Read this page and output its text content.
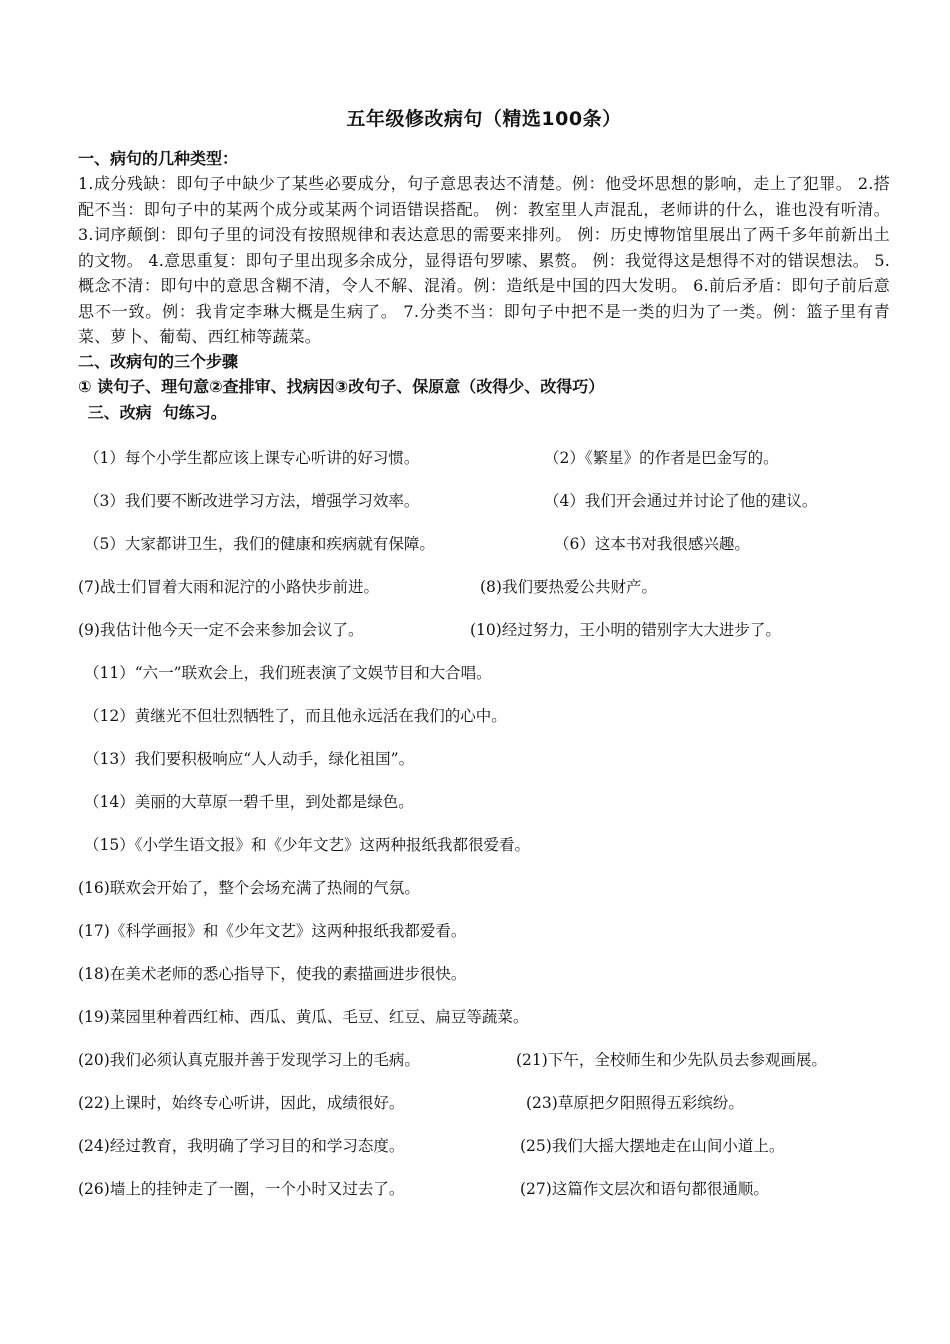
五年级修改病句（精选100条）

一、病句的几种类型：

1.成分残缺：即句子中缺少了某些必要成分，句子意思表达不清楚。例：他受坏思想的影响，走上了犯罪。 2.搭配不当：即句子中的某两个成分或某两个词语错误搭配。 例：教室里人声混乱，老师讲的什么，谁也没有听清。 3.词序颠倒：即句子里的词没有按照规律和表达意思的需要来排列。 例：历史博物馆里展出了两千多年前新出土的文物。 4.意思重复：即句子里出现多余成分，显得语句罗嗦、累赘。 例：我觉得这是想得不对的错误想法。 5.概念不清：即句中的意思含糊不清，令人不解、混淆。例：造纸是中国的四大发明。 6.前后矛盾：即句子前后意思不一致。例：我肯定李琳大概是生病了。 7.分类不当：即句子中把不是一类的归为了一类。例：篮子里有青菜、萝卜、葡萄、西红柿等蔬菜。

二、改病句的三个步骤

① 读句子、理句意②查排审、找病因③改句子、保原意（改得少、改得巧）

三、改病  句练习。

（1）每个小学生都应该上课专心听讲的好习惯。	（2）《繁星》的作者是巴金写的。
（3）我们要不断改进学习方法，增强学习效率。	（4）我们开会通过并讨论了他的建议。
（5）大家都讲卫生，我们的健康和疾病就有保障。	（6）这本书对我很感兴趣。
(7)战士们冒着大雨和泥泞的小路快步前进。	(8)我们要热爱公共财产。
(9)我估计他今天一定不会来参加会议了。	(10)经过努力，王小明的错别字大大进步了。
（11）“六一”联欢会上，我们班表演了文娱节目和大合唱。
（12）黄继光不但壮烈牺牲了，而且他永远活在我们的心中。
（13）我们要积极响应“人人动手，绿化祖国”。
（14）美丽的大草原一碧千里，到处都是绿色。
（15）《小学生语文报》和《少年文艺》这两种报纸我都很爱看。
(16)联欢会开始了，整个会场充满了热闹的气氛。
(17)《科学画报》和《少年文艺》这两种报纸我都爱看。
(18)在美术老师的悉心指导下，使我的素描画进步很快。
(19)菜园里种着西红柿、西瓜、黄瓜、毛豆、红豆、扁豆等蔬菜。
(20)我们必须认真克服并善于发现学习上的毛病。	(21)下午，全校师生和少先队员去参观画展。
(22)上课时，始终专心听讲，因此，成绩很好。	(23)草原把夕阳照得五彩缤纷。
(24)经过教育，我明确了学习目的和学习态度。	(25)我们大摇大摆地走在山间小道上。
(26)墙上的挂钟走了一圈，一个小时又过去了。	(27)这篇作文层次和语句都很通顺。
